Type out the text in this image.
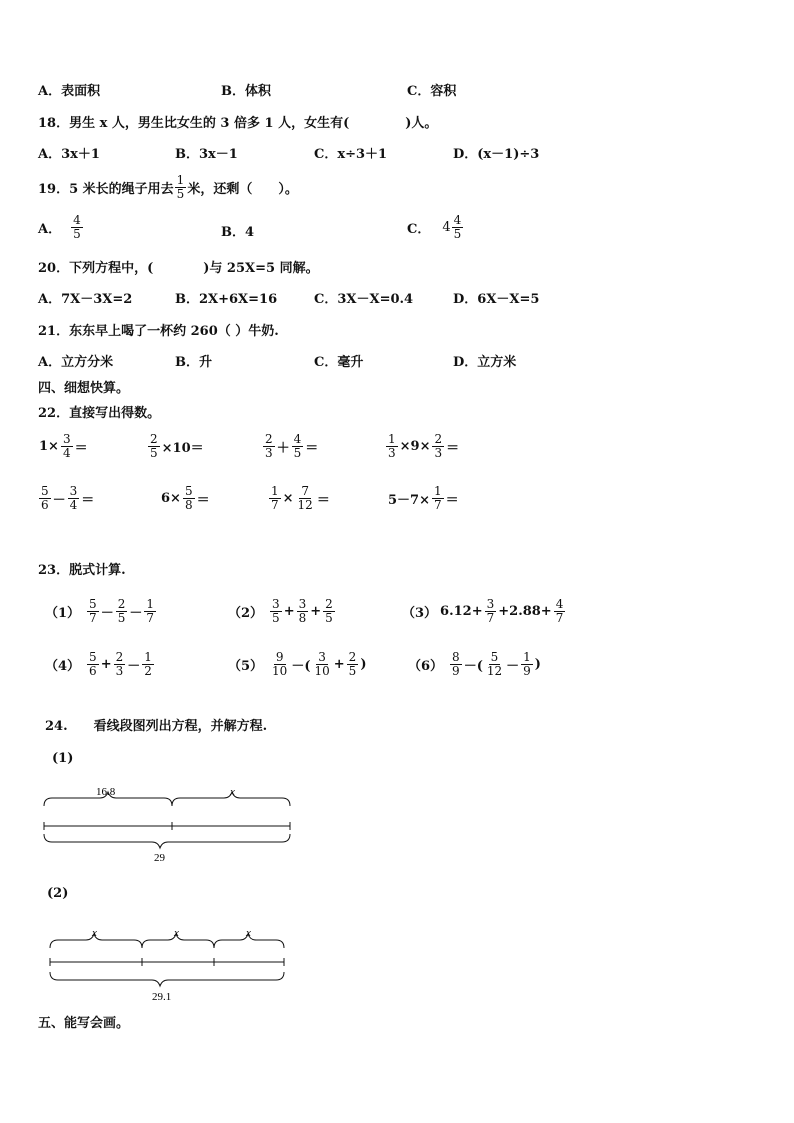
A．表面积	B．体积	C．容积
18．男生 x 人，男生比女生的 3 倍多 1 人，女生有(	)人。
A．3x＋1	B．3x－1	C．x÷3＋1	D．(x－1)÷3
19．5 米长的绳子用去 $\frac{1}{5}$ 米，还剩（　　）。
A． $\frac{4}{5}$	B．4	C． $4 \frac{4}{5}$
20．下列方程中，(	)与 25X=5 同解。
A．7X－3X=2	B．2X+6X=16	C．3X－X=0.4	D．6X－X=5
21．东东早上喝了一杯约 260（ ）牛奶.
A．立方分米	B．升	C．毫升	D．立方米
四、细想快算。
22．直接写出得数。
$1\times \frac{3}{4}$ ＝	$\frac{2}{5} \times 10=$	$\frac{2}{3} + \frac{4}{5}$ ＝	$\frac{1}{3} \times 9\times \frac{2}{3}$ ＝
$\frac{5}{6} - \frac{3}{4}$ ＝	$6\times \frac{5}{8}$ ＝	$\frac{1}{7} \times \frac{7}{12}$ ＝	$5-7\times \frac{1}{7}$ ＝
23．脱式计算.
$(1) \frac{5}{7} - \frac{2}{5} - \frac{1}{7}$	$(2) \frac{3}{5} + \frac{3}{8} + \frac{2}{5}$	（3） $6.12+ \frac{3}{7} +2.88+ \frac{4}{7}$
$(4) \frac{5}{6} + \frac{2}{3} - \frac{1}{2}$	$(5) \frac{9}{10}$ －( $\frac{3}{10} + \frac{2}{5}$ )	$(6) \frac{8}{9}$ －( $\frac{5}{12} - \frac{1}{9}$ )
24.　　看线段图列出方程，并解方程.
(1)
16.8	x
29
(2)
x	x	x
29.1
五、能写会画。
